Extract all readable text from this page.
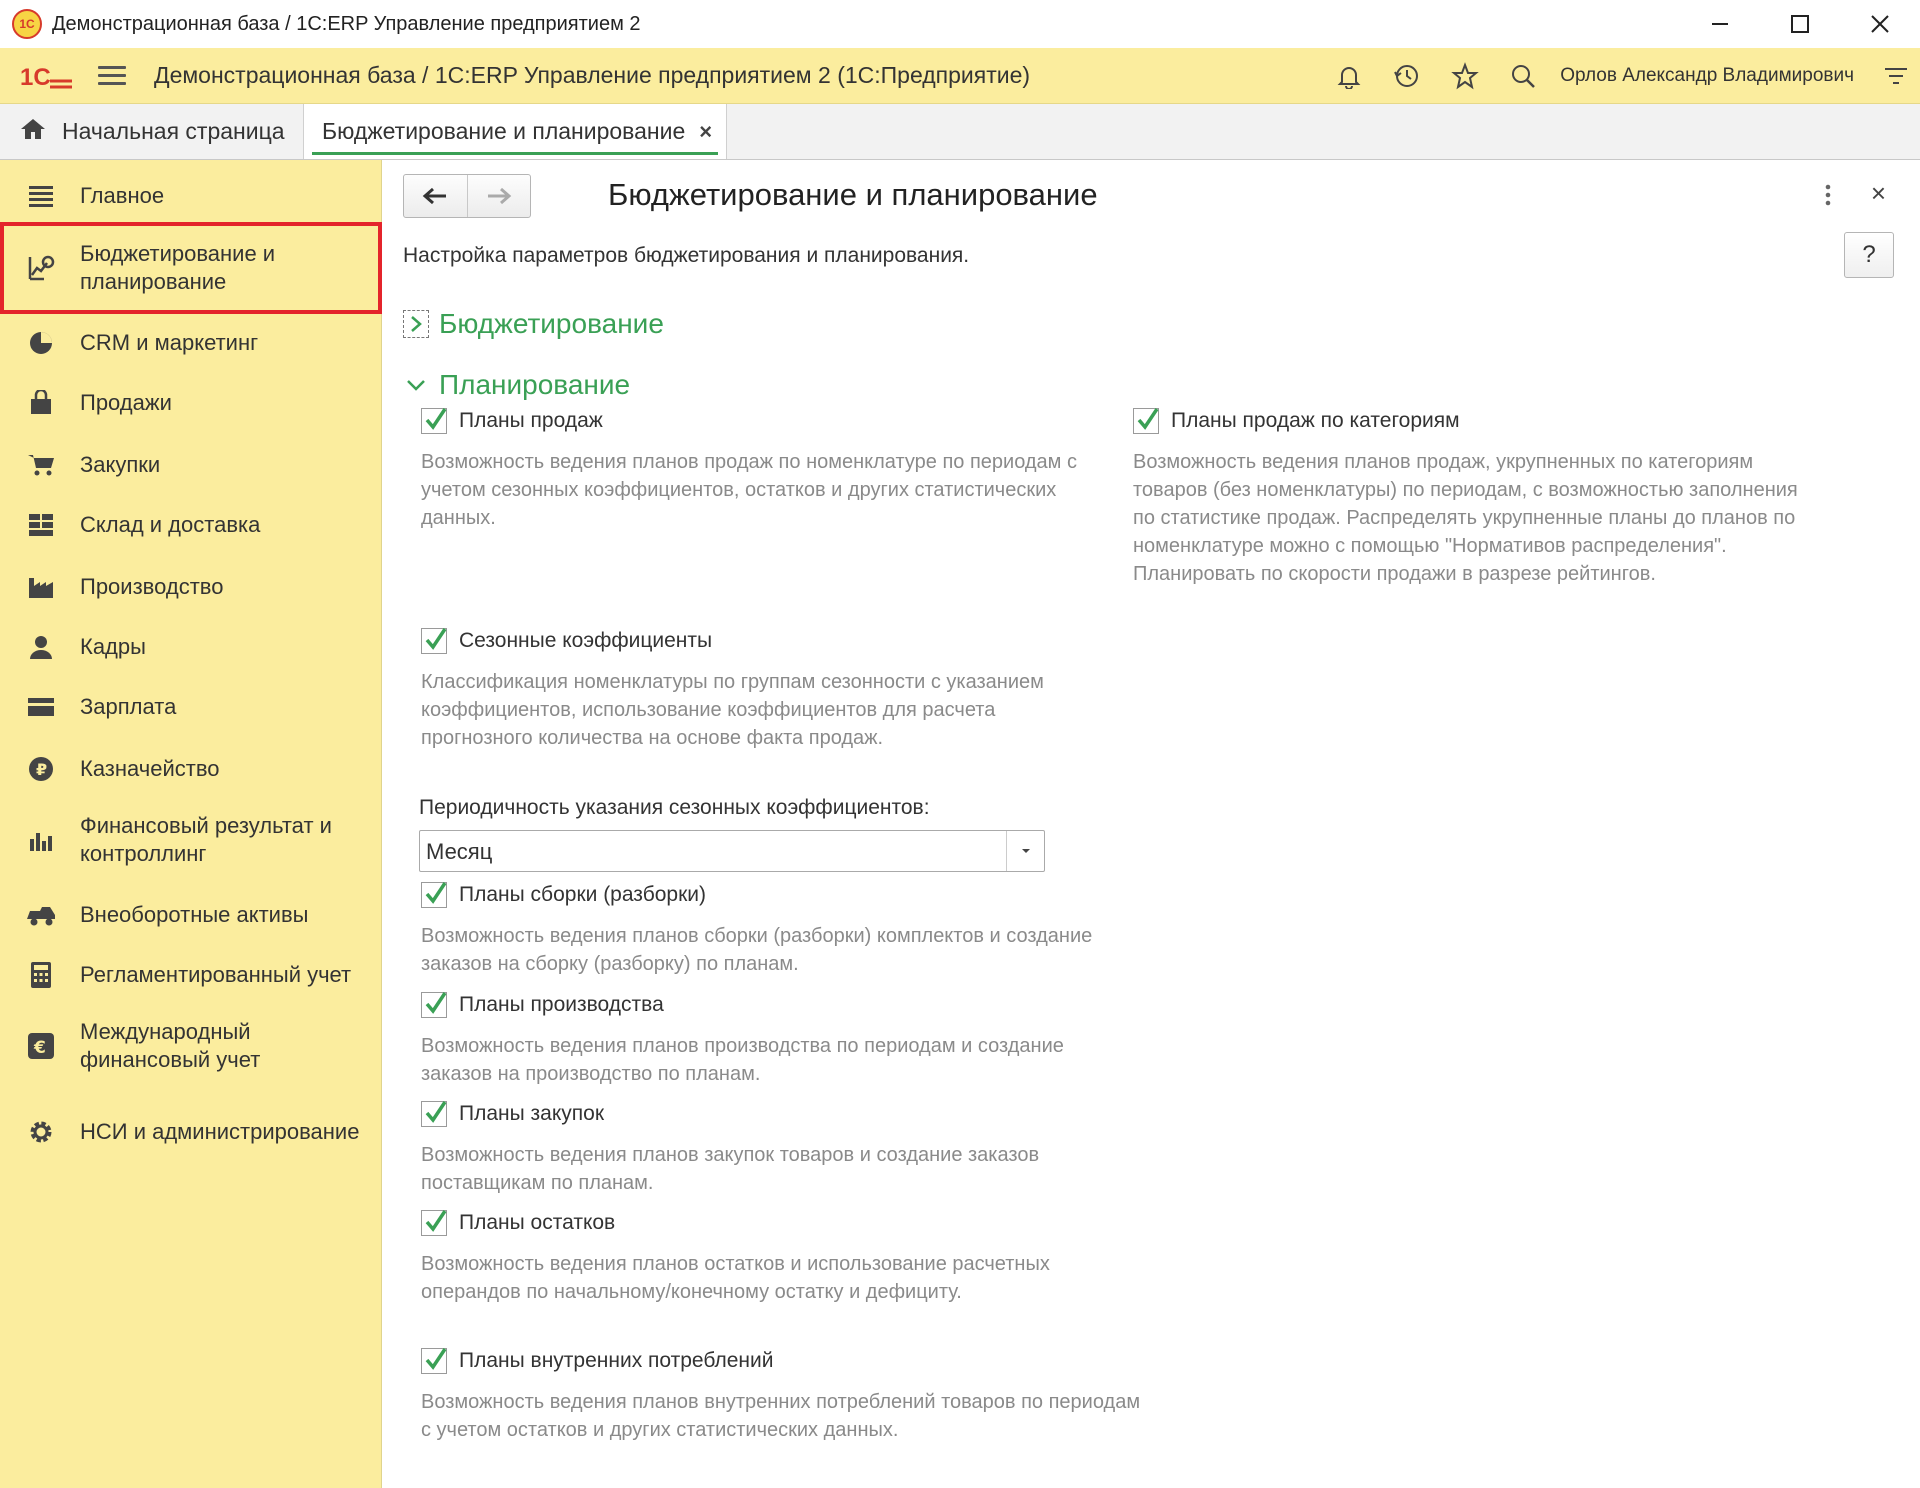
1С Демонстрационная база / 1С:ERP Управление предприятием 2
1С	Демонстрационная база / 1С:ERP Управление предприятием 2 (1С:Предприятие)	Орлов Александр Владимирович
Начальная страница Бюджетирование и планирование ×
Главное
Бюджетирование и планирование
CRM и маркетинг
Продажи
Закупки
Склад и доставка
Производство
Кадры
Зарплата
₽ Казначейство
Финансовый результат и контроллинг
Внеоборотные активы
Регламентированный учет
€
Международный финансовый учет
НСИ и администрирование
Бюджетирование и планирование	×
?
Настройка параметров бюджетирования и планирования.
Бюджетирование
Планирование
Планы продаж
Возможность ведения планов продаж по номенклатуре по периодам с учетом сезонных коэффициентов, остатков и других статистических данных.
Планы продаж по категориям
Возможность ведения планов продаж, укрупненных по категориям товаров (без номенклатуры) по периодам, с возможностью заполнения по статистике продаж. Распределять укрупненные планы до планов по номенклатуре можно с помощью "Нормативов распределения". Планировать по скорости продажи в разрезе рейтингов.
Сезонные коэффициенты
Классификация номенклатуры по группам сезонности с указанием коэффициентов, использование коэффициентов для расчета прогнозного количества на основе факта продаж.
Периодичность указания сезонных коэффициентов:
Месяц
Планы сборки (разборки)
Возможность ведения планов сборки (разборки) комплектов и создание заказов на сборку (разборку) по планам.
Планы производства
Возможность ведения планов производства по периодам и создание заказов на производство по планам.
Планы закупок
Возможность ведения планов закупок товаров и создание заказов поставщикам по планам.
Планы остатков
Возможность ведения планов остатков и использование расчетных операндов по начальному/конечному остатку и дефициту.
Планы внутренних потреблений
Возможность ведения планов внутренних потреблений товаров по периодам с учетом остатков и других статистических данных.
